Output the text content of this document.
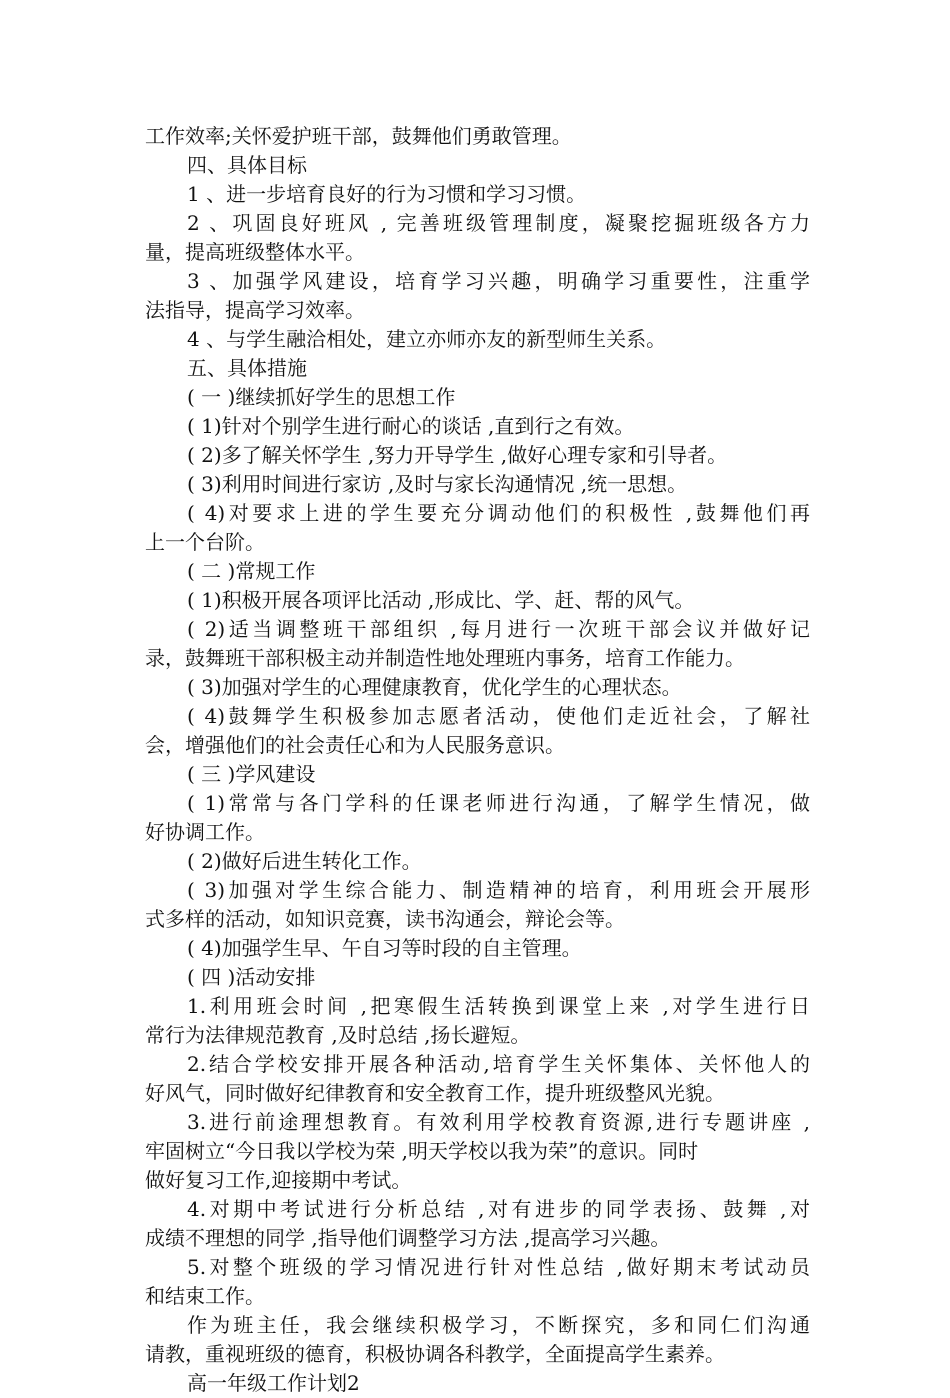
工作效率;关怀爱护班干部，鼓舞他们勇敢管理。

四、具体目标

1 、进一步培育良好的行为习惯和学习习惯。

2 、巩固良好班风 , 完善班级管理制度，凝聚挖掘班级各方力

量，提高班级整体水平。

3 、加强学风建设，培育学习兴趣，明确学习重要性，注重学

法指导，提高学习效率。

4 、与学生融洽相处，建立亦师亦友的新型师生关系。

五、具体措施

( 一 )继续抓好学生的思想工作

( 1)针对个别学生进行耐心的谈话 ,直到行之有效。

( 2)多了解关怀学生 ,努力开导学生 ,做好心理专家和引导者。

( 3)利用时间进行家访 ,及时与家长沟通情况 ,统一思想。

( 4)对要求上进的学生要充分调动他们的积极性 ,鼓舞他们再

上一个台阶。

( 二 )常规工作

( 1)积极开展各项评比活动 ,形成比、学、赶、帮的风气。

( 2)适当调整班干部组织 ,每月进行一次班干部会议并做好记

录，鼓舞班干部积极主动并制造性地处理班内事务，培育工作能力。

( 3)加强对学生的心理健康教育，优化学生的心理状态。

( 4)鼓舞学生积极参加志愿者活动，使他们走近社会，了解社

会，增强他们的社会责任心和为人民服务意识。

( 三 )学风建设

( 1)常常与各门学科的任课老师进行沟通，了解学生情况，做

好协调工作。

( 2)做好后进生转化工作。

( 3)加强对学生综合能力、制造精神的培育，利用班会开展形

式多样的活动，如知识竞赛，读书沟通会，辩论会等。

( 4)加强学生早、午自习等时段的自主管理。

( 四 )活动安排

1.利用班会时间 ,把寒假生活转换到课堂上来 ,对学生进行日

常行为法律规范教育 ,及时总结 ,扬长避短。

2.结合学校安排开展各种活动,培育学生关怀集体、关怀他人的

好风气，同时做好纪律教育和安全教育工作，提升班级整风光貌。

3.进行前途理想教育。有效利用学校教育资源,进行专题讲座 ,

牢固树立“今日我以学校为荣 ,明天学校以我为荣”的意识。同时

做好复习工作,迎接期中考试。

4.对期中考试进行分析总结 ,对有进步的同学表扬、鼓舞 ,对

成绩不理想的同学 ,指导他们调整学习方法 ,提高学习兴趣。

5.对整个班级的学习情况进行针对性总结 ,做好期末考试动员

和结束工作。

作为班主任，我会继续积极学习，不断探究，多和同仁们沟通

请教，重视班级的德育，积极协调各科教学，全面提高学生素养。

高一年级工作计划2
